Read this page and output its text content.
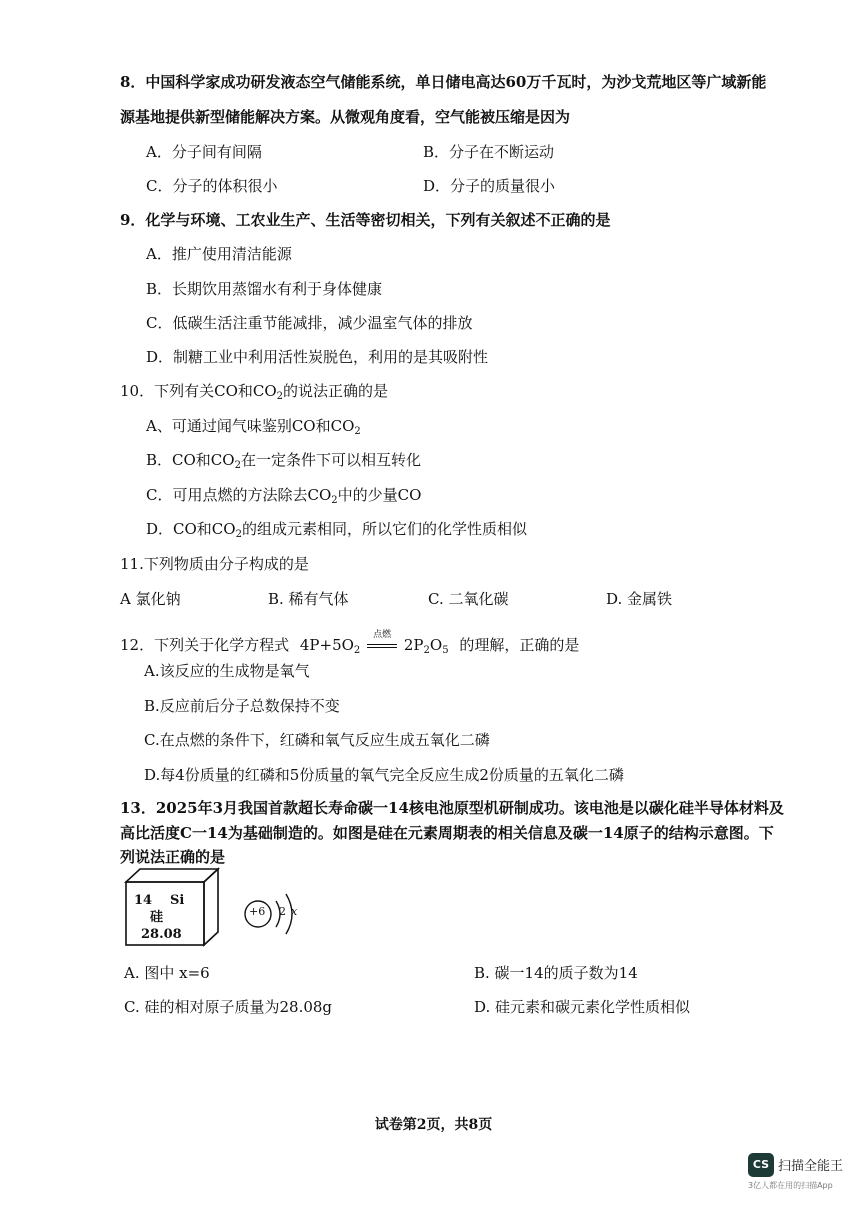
8．中国科学家成功研发液态空气储能系统，单日储电高达60万千瓦时，为沙戈荒地区等广域新能
源基地提供新型储能解决方案。从微观角度看，空气能被压缩是因为
A．分子间有间隔	B．分子在不断运动
C．分子的体积很小	D．分子的质量很小
9．化学与环境、工农业生产、生活等密切相关，下列有关叙述不正确的是
A．推广使用清洁能源
B．长期饮用蒸馏水有利于身体健康
C．低碳生活注重节能减排，减少温室气体的排放
D．制糖工业中利用活性炭脱色，利用的是其吸附性
10．下列有关CO和$CO_2$的说法正确的是
A、可通过闻气味鉴别CO和$CO_2$
B．CO和$CO_2$在一定条件下可以相互转化
C．可用点燃的方法除去$CO_2$中的少量CO
D．CO和$CO_2$的组成元素相同，所以它们的化学性质相似
11.下列物质由分子构成的是
A 氯化钠	B. 稀有气体	C. 二氧化碳	D. 金属铁
12．下列关于化学方程式 $4P+5O_2$
点燃
$2P_2O_5$ 的理解，正确的是
A.该反应的生成物是氧气
B.反应前后分子总数保持不变
C.在点燃的条件下，红磷和氧气反应生成五氧化二磷
D.每4份质量的红磷和5份质量的氧气完全反应生成2份质量的五氧化二磷
13．2025年3月我国首款超长寿命碳一14核电池原型机研制成功。该电池是以碳化硅半导体材料及
高比活度C一14为基础制造的。如图是硅在元素周期表的相关信息及碳一14原子的结构示意图。下
列说法正确的是
14 Si
硅
28.08
+6 2 x
A. 图中 x=6	B. 碳一14的质子数为14
C. 硅的相对原子质量为28.08g	D. 硅元素和碳元素化学性质相似
试卷第2页，共8页
CS 扫描全能王
3亿人都在用的扫描App
